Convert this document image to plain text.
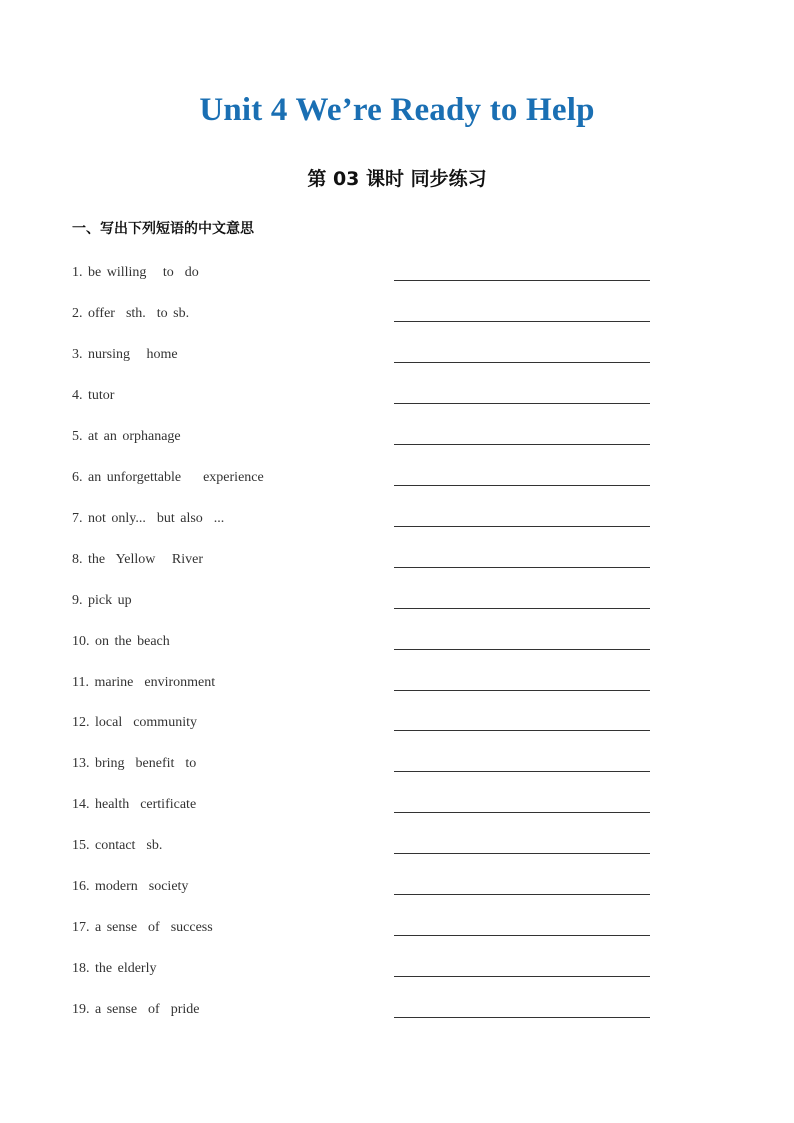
Unit 4 We’re Ready to Help
第 03 课时 同步练习
一、写出下列短语的中文意思
1. be willing   to  do
2. offer  sth.  to sb.
3. nursing   home
4. tutor
5. at an orphanage
6. an unforgettable    experience
7. not only...  but also  ...
8. the  Yellow   River
9. pick up
10. on the beach
11. marine  environment
12. local  community
13. bring  benefit  to
14. health  certificate
15. contact  sb.
16. modern  society
17. a sense  of  success
18. the elderly
19. a sense  of  pride
